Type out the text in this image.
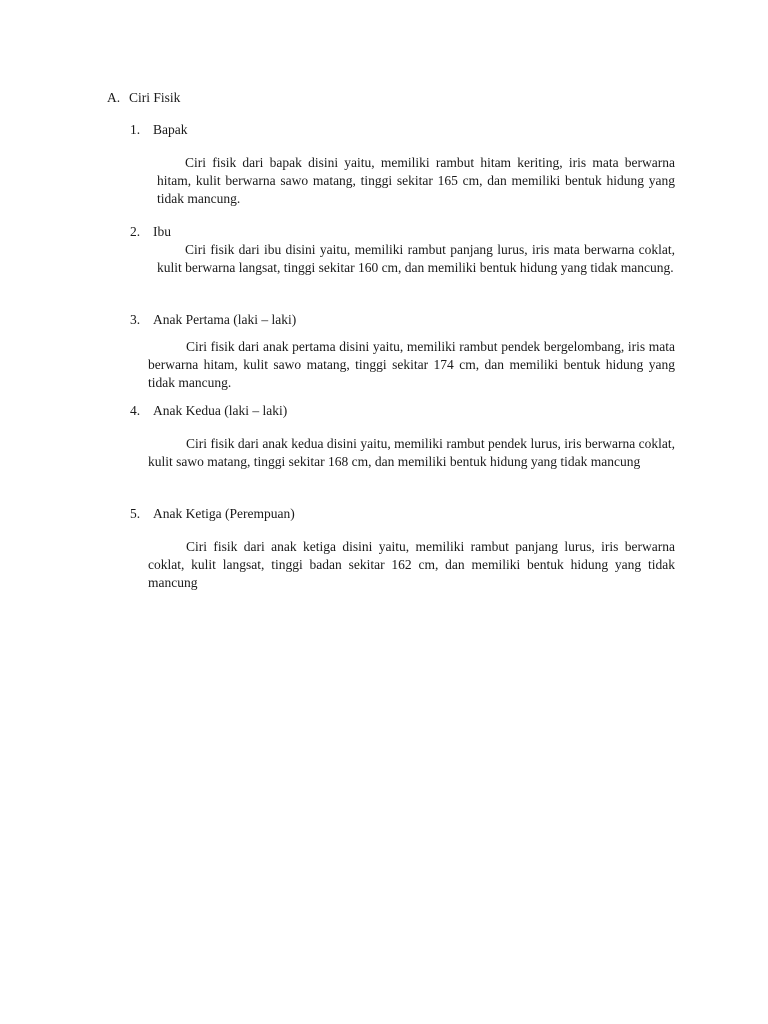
A. Ciri Fisik
1. Bapak

Ciri fisik dari bapak disini yaitu, memiliki rambut hitam keriting, iris mata berwarna hitam, kulit berwarna sawo matang, tinggi sekitar 165 cm, dan memiliki bentuk hidung yang tidak mancung.

2. Ibu

Ciri fisik dari ibu disini yaitu, memiliki rambut panjang lurus, iris mata berwarna coklat, kulit berwarna langsat, tinggi sekitar 160 cm, dan memiliki bentuk hidung yang tidak mancung.

3. Anak Pertama (laki – laki)

Ciri fisik dari anak pertama disini yaitu, memiliki rambut pendek bergelombang, iris mata berwarna hitam, kulit sawo matang, tinggi sekitar 174 cm, dan memiliki bentuk hidung yang tidak mancung.

4. Anak Kedua (laki – laki)

Ciri fisik dari anak kedua disini yaitu, memiliki rambut pendek lurus, iris berwarna coklat, kulit sawo matang, tinggi sekitar 168 cm, dan memiliki bentuk hidung yang tidak mancung

5. Anak Ketiga (Perempuan)

Ciri fisik dari anak ketiga disini yaitu, memiliki rambut panjang lurus, iris berwarna coklat, kulit langsat, tinggi badan sekitar 162 cm, dan memiliki bentuk hidung yang tidak mancung
